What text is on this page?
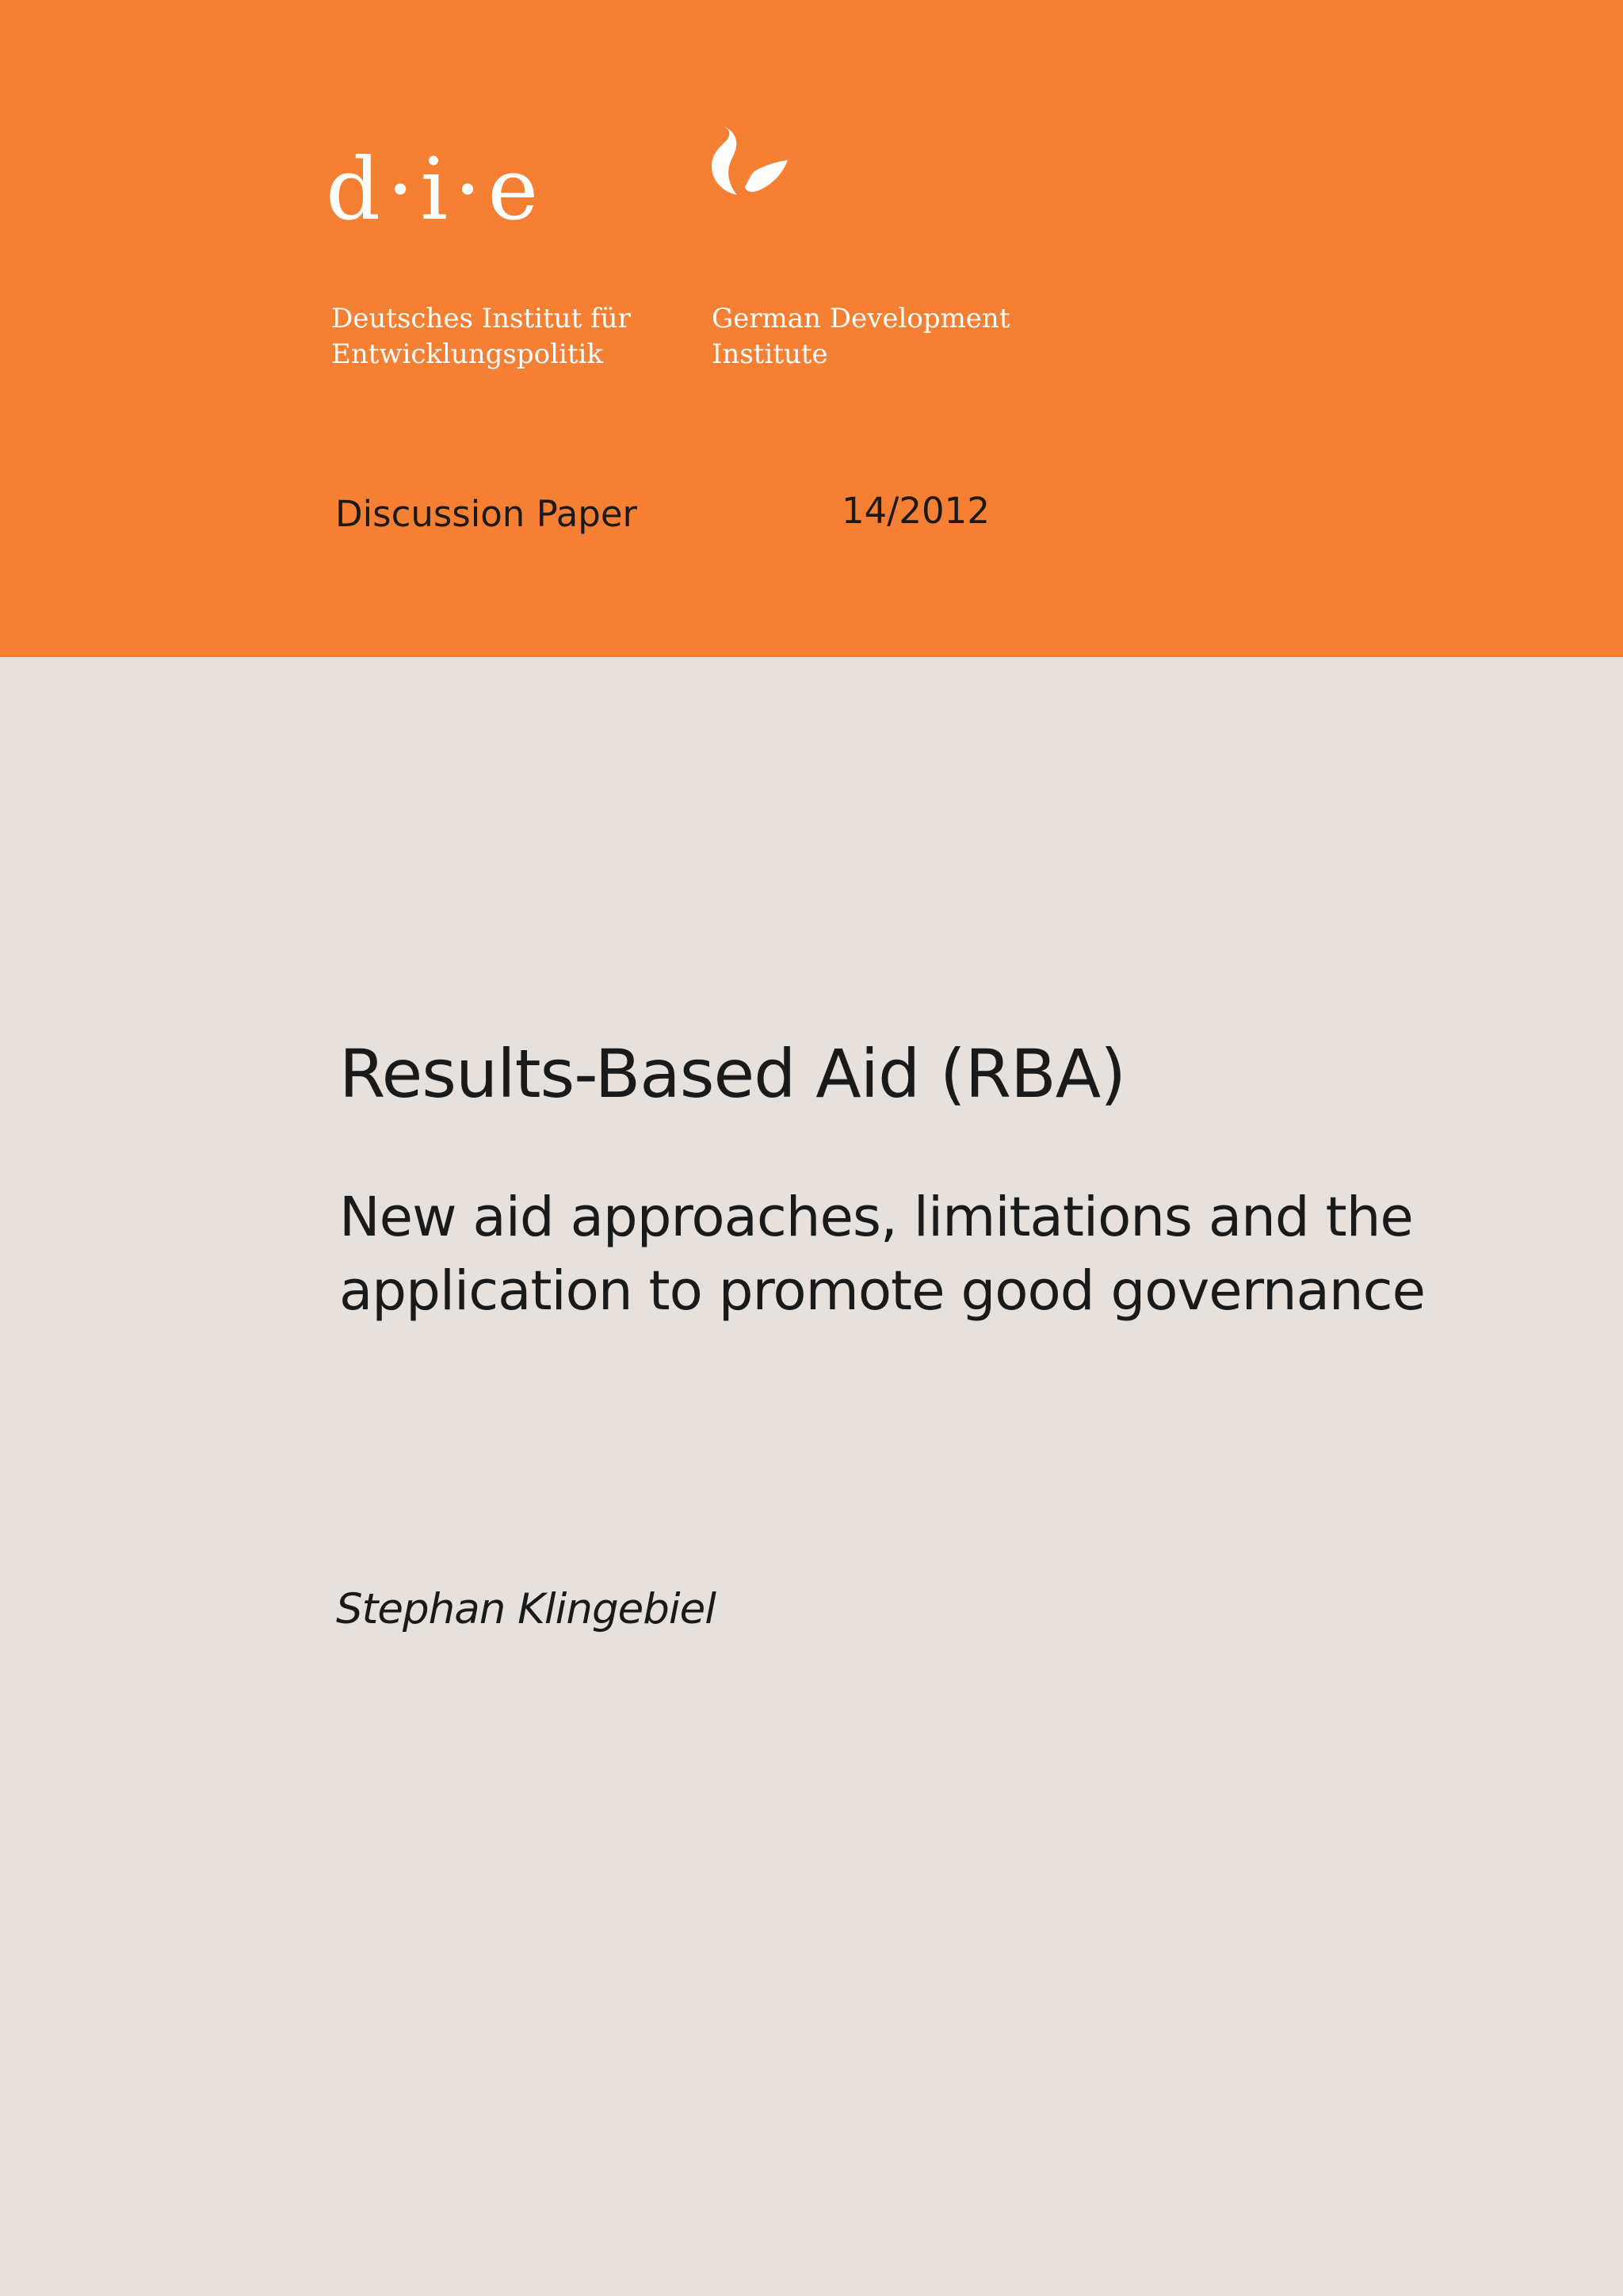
d·i·e
Deutsches Institut für
Entwicklungspolitik
German Development
Institute
Discussion Paper	14/2012
Results-Based Aid (RBA)
New aid approaches, limitations and the
application to promote good governance
Stephan Klingebiel
